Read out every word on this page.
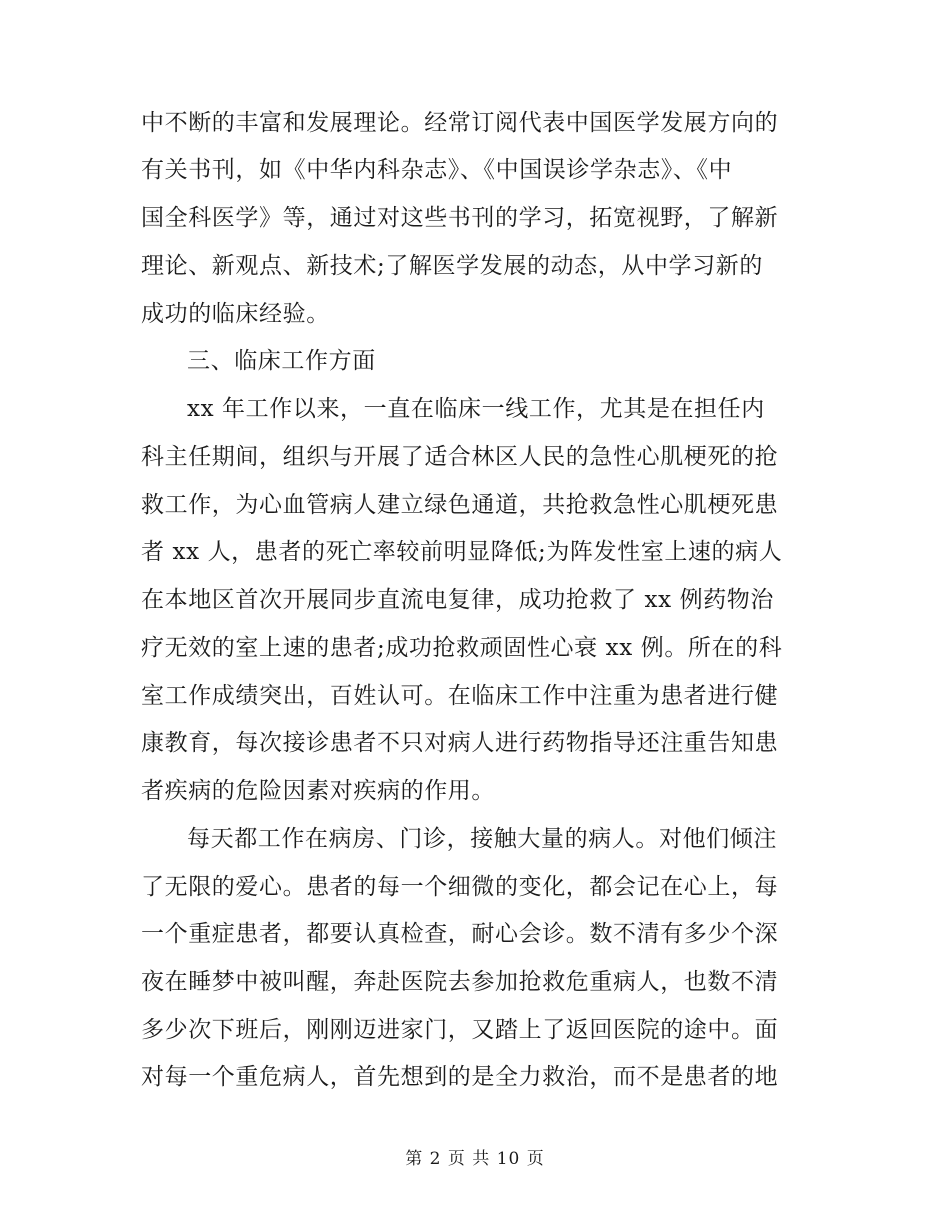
中不断的丰富和发展理论。经常订阅代表中国医学发展方向的
有关书刊，如《中华内科杂志》、《中国误诊学杂志》、《中
国全科医学》等，通过对这些书刊的学习，拓宽视野，了解新
理论、新观点、新技术;了解医学发展的动态，从中学习新的
成功的临床经验。
三、临床工作方面
xx 年工作以来，一直在临床一线工作，尤其是在担任内
科主任期间，组织与开展了适合林区人民的急性心肌梗死的抢
救工作，为心血管病人建立绿色通道，共抢救急性心肌梗死患
者 xx 人，患者的死亡率较前明显降低;为阵发性室上速的病人
在本地区首次开展同步直流电复律，成功抢救了 xx 例药物治
疗无效的室上速的患者;成功抢救顽固性心衰 xx 例。所在的科
室工作成绩突出，百姓认可。在临床工作中注重为患者进行健
康教育，每次接诊患者不只对病人进行药物指导还注重告知患
者疾病的危险因素对疾病的作用。
每天都工作在病房、门诊，接触大量的病人。对他们倾注
了无限的爱心。患者的每一个细微的变化，都会记在心上，每
一个重症患者，都要认真检查，耐心会诊。数不清有多少个深
夜在睡梦中被叫醒，奔赴医院去参加抢救危重病人，也数不清
多少次下班后，刚刚迈进家门，又踏上了返回医院的途中。面
对每一个重危病人，首先想到的是全力救治，而不是患者的地
第 2 页 共 10 页
